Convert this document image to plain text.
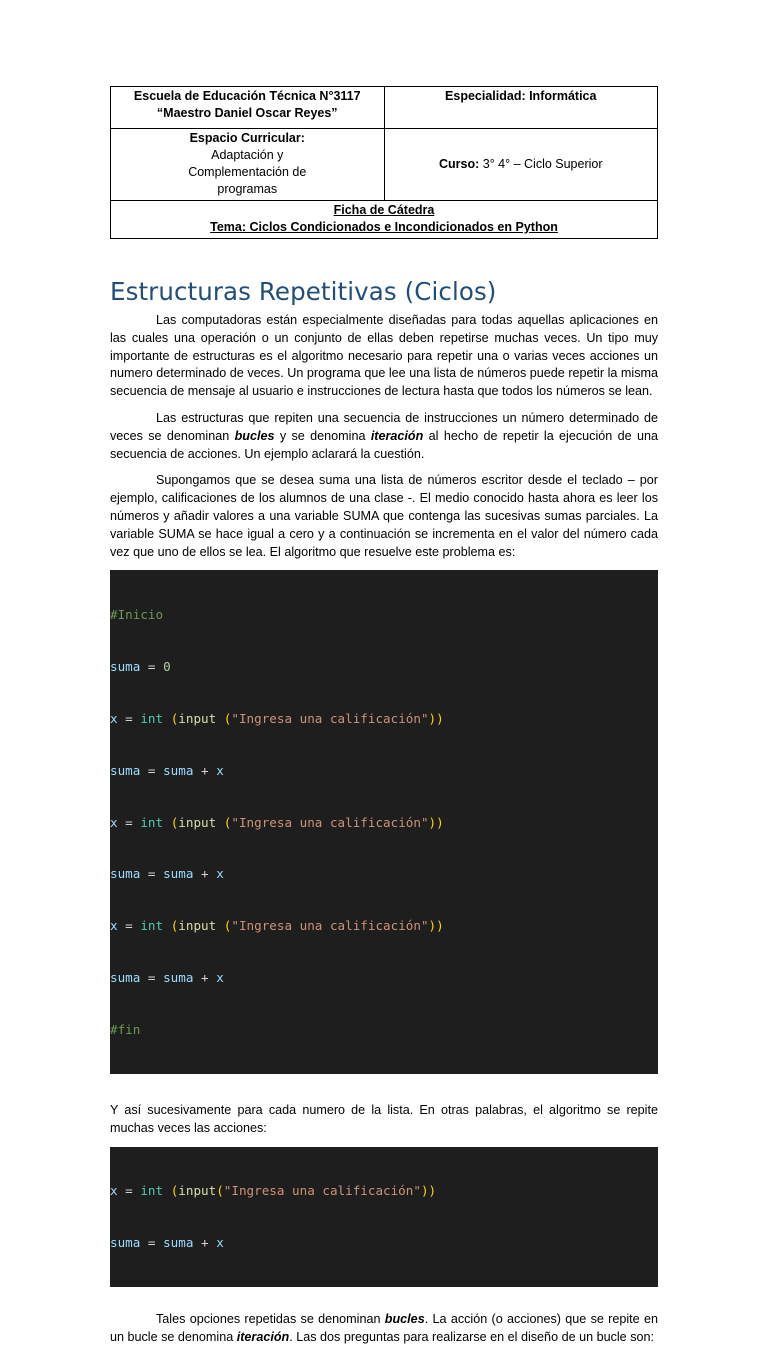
Escuela de Educación Técnica N°3117
“Maestro Daniel Oscar Reyes”	Especialidad: Informática

Espacio Curricular:
Adaptación y
Complementación de
programas	Curso: 3° 4° – Ciclo Superior

Ficha de Cátedra
Tema: Ciclos Condicionados e Incondicionados en Python	
Estructuras Repetitivas (Ciclos)

Las computadoras están especialmente diseñadas para todas aquellas aplicaciones en las cuales una operación o un conjunto de ellas deben repetirse muchas veces. Un tipo muy importante de estructuras es el algoritmo necesario para repetir una o varias veces acciones un numero determinado de veces. Un programa que lee una lista de números puede repetir la misma secuencia de mensaje al usuario e instrucciones de lectura hasta que todos los números se lean.

Las estructuras que repiten una secuencia de instrucciones un número determinado de veces se denominan bucles y se denomina iteración al hecho de repetir la ejecución de una secuencia de acciones. Un ejemplo aclarará la cuestión.

Supongamos que se desea suma una lista de números escritor desde el teclado – por ejemplo, calificaciones de los alumnos de una clase -. El medio conocido hasta ahora es leer los números y añadir valores a una variable SUMA que contenga las sucesivas sumas parciales. La variable SUMA se hace igual a cero y a continuación se incrementa en el valor del número cada vez que uno de ellos se lea. El algoritmo que resuelve este problema es:

#Inicio

suma = 0

x = int (input ("Ingresa una calificación"))

suma = suma + x

x = int (input ("Ingresa una calificación"))

suma = suma + x

x = int (input ("Ingresa una calificación"))

suma = suma + x

#fin

Y así sucesivamente para cada numero de la lista. En otras palabras, el algoritmo se repite muchas veces las acciones:

x = int (input("Ingresa una calificación"))

suma = suma + x

Tales opciones repetidas se denominan bucles. La acción (o acciones) que se repite en un bucle se denomina iteración. Las dos preguntas para realizarse en el diseño de un bucle son:
